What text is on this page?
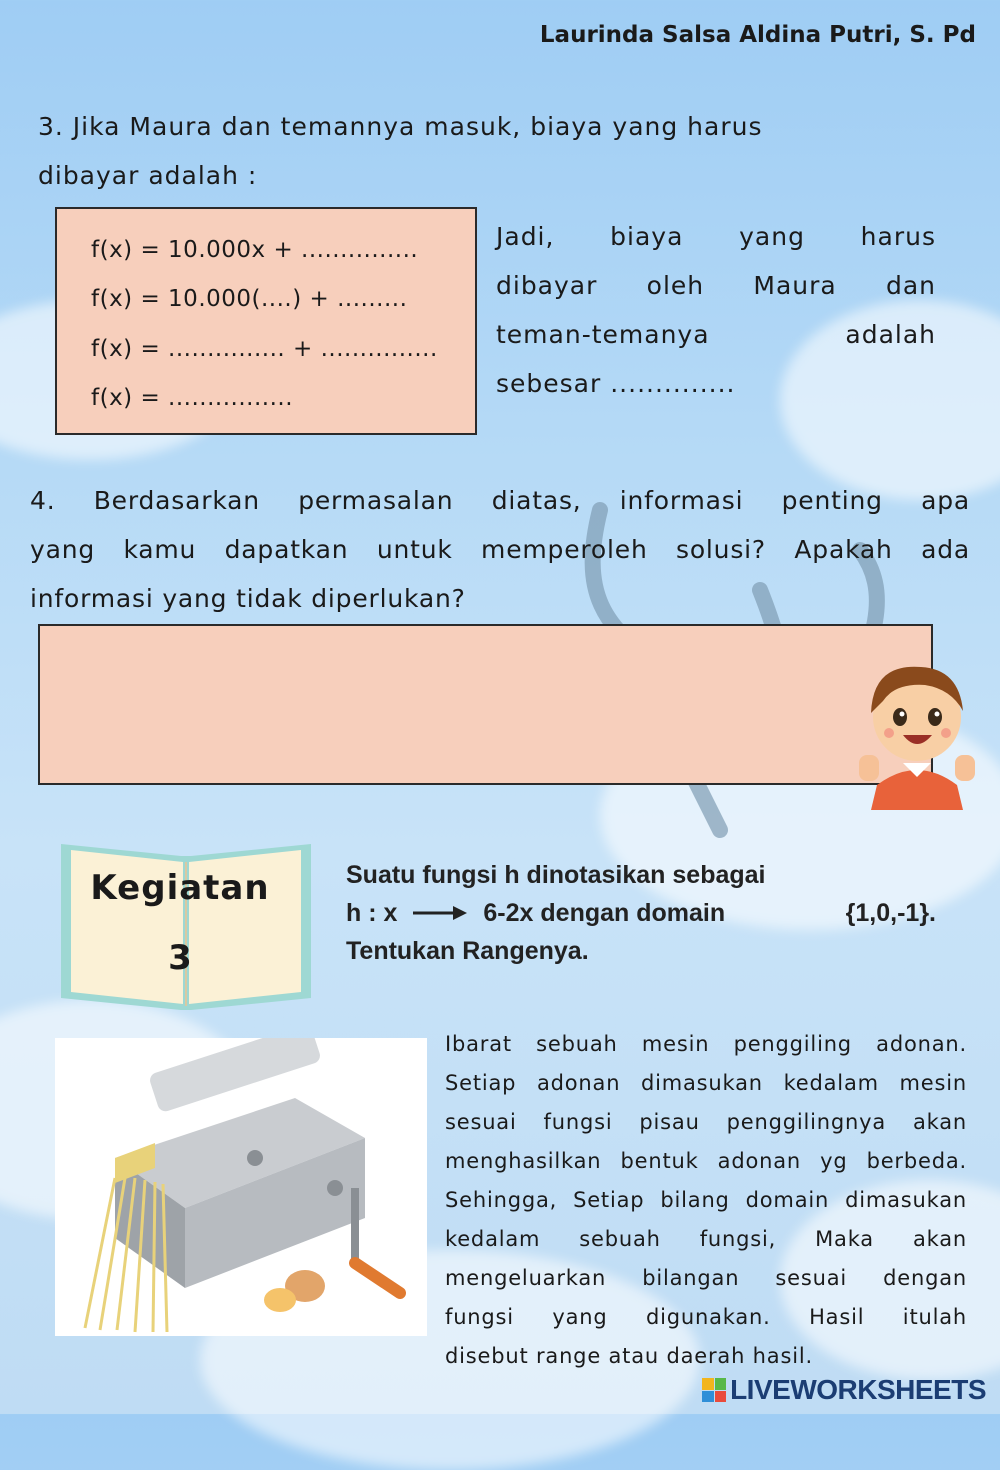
Laurinda Salsa Aldina Putri, S. Pd
3. Jika Maura dan temannya masuk, biaya yang harus
dibayar adalah :
f(x) = 10.000x + ...............
f(x) = 10.000(....) + .........
f(x) = ............... + ...............
f(x) = ................
Jadi, biaya yang harus
dibayar oleh Maura dan
teman-temanya adalah
sebesar ..............
4. Berdasarkan permasalan diatas, informasi penting apa
yang kamu dapatkan untuk memperoleh solusi? Apakah ada
informasi yang tidak diperlukan?
Kegiatan
3
Suatu fungsi h dinotasikan sebagai
h : x	6-2x dengan domain	{1,0,-1}.
Tentukan Rangenya.
Ibarat sebuah mesin penggiling adonan.
Setiap adonan dimasukan kedalam mesin
sesuai fungsi pisau penggilingnya akan
menghasilkan bentuk adonan yg berbeda.
Sehingga, Setiap bilang domain dimasukan
kedalam sebuah fungsi, Maka akan
mengeluarkan bilangan sesuai dengan
fungsi yang digunakan. Hasil itulah
disebut range atau daerah hasil.
LIVEWORKSHEETS
